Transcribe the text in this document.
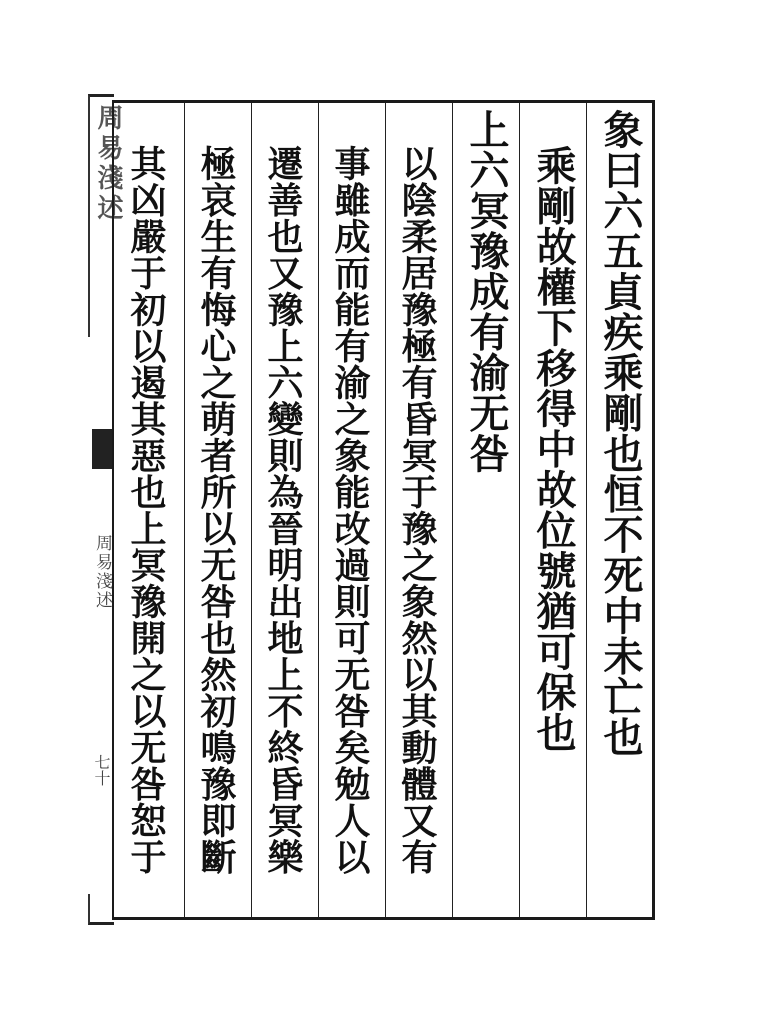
周易淺述
周易淺述
七十
象曰六五貞疾乘剛也恒不死中未亡也
乘剛故權下移得中故位號猶可保也
上六冥豫成有渝无咎
以陰柔居豫極有昏冥于豫之象然以其動體又有
事雖成而能有渝之象能改過則可无咎矣勉人以
遷善也又豫上六變則為晉明出地上不終昏冥樂
極哀生有悔心之萌者所以无咎也然初鳴豫即斷
其凶嚴于初以遏其惡也上冥豫開之以无咎恕于
